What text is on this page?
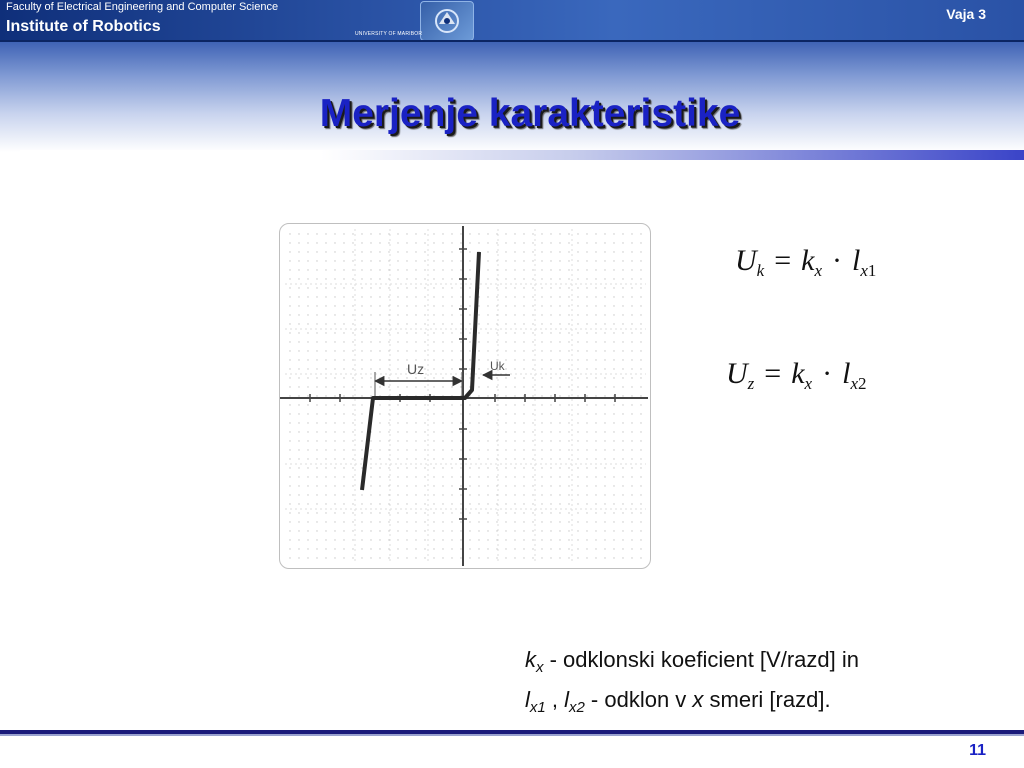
Faculty of Electrical Engineering and Computer Science
Institute of Robotics	UNIVERSITY OF MARIBOR
Vaja 3
Merjenje karakteristike
Uz	Uk
$U_k = k_x \cdot l_{x1}$
$U_z = k_x \cdot l_{x2}$
$k_x$ - odklonski koeficient [V/razd] in
$l_{x1}$ , $l_{x2}$ - odklon v x smeri [razd].
11
